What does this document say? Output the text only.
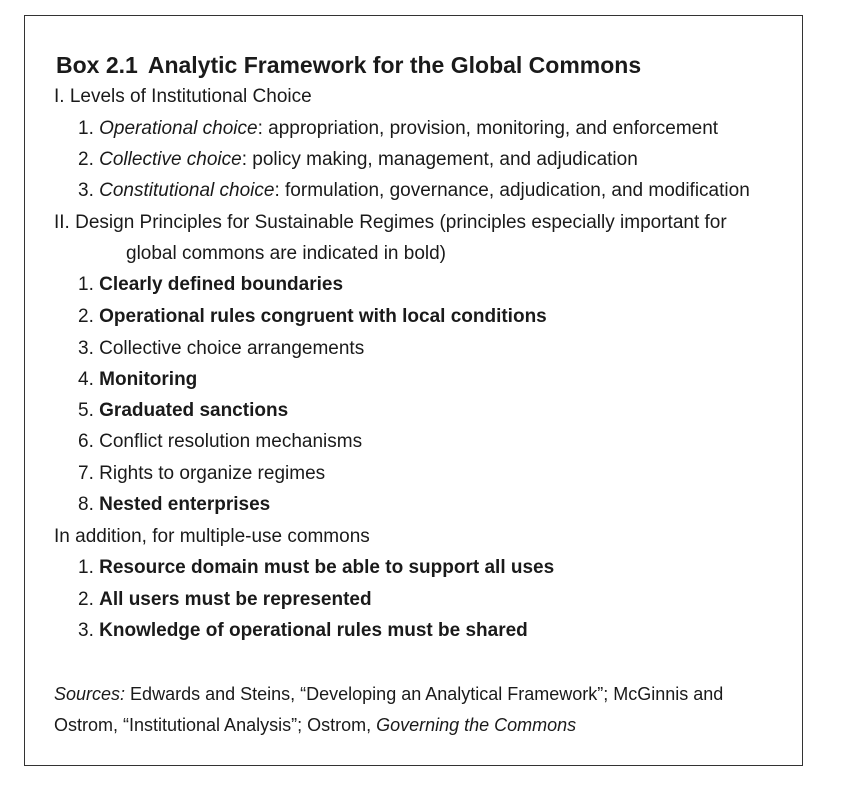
Box 2.1 Analytic Framework for the Global Commons
I. Levels of Institutional Choice
1. Operational choice: appropriation, provision, monitoring, and enforcement
2. Collective choice: policy making, management, and adjudication
3. Constitutional choice: formulation, governance, adjudication, and modification
II. Design Principles for Sustainable Regimes (principles especially important for
global commons are indicated in bold)
1. Clearly defined boundaries
2. Operational rules congruent with local conditions
3. Collective choice arrangements
4. Monitoring
5. Graduated sanctions
6. Conflict resolution mechanisms
7. Rights to organize regimes
8. Nested enterprises
In addition, for multiple-use commons
1. Resource domain must be able to support all uses
2. All users must be represented
3. Knowledge of operational rules must be shared
Sources: Edwards and Steins, “Developing an Analytical Framework”; McGinnis and
Ostrom, “Institutional Analysis”; Ostrom, Governing the Commons
